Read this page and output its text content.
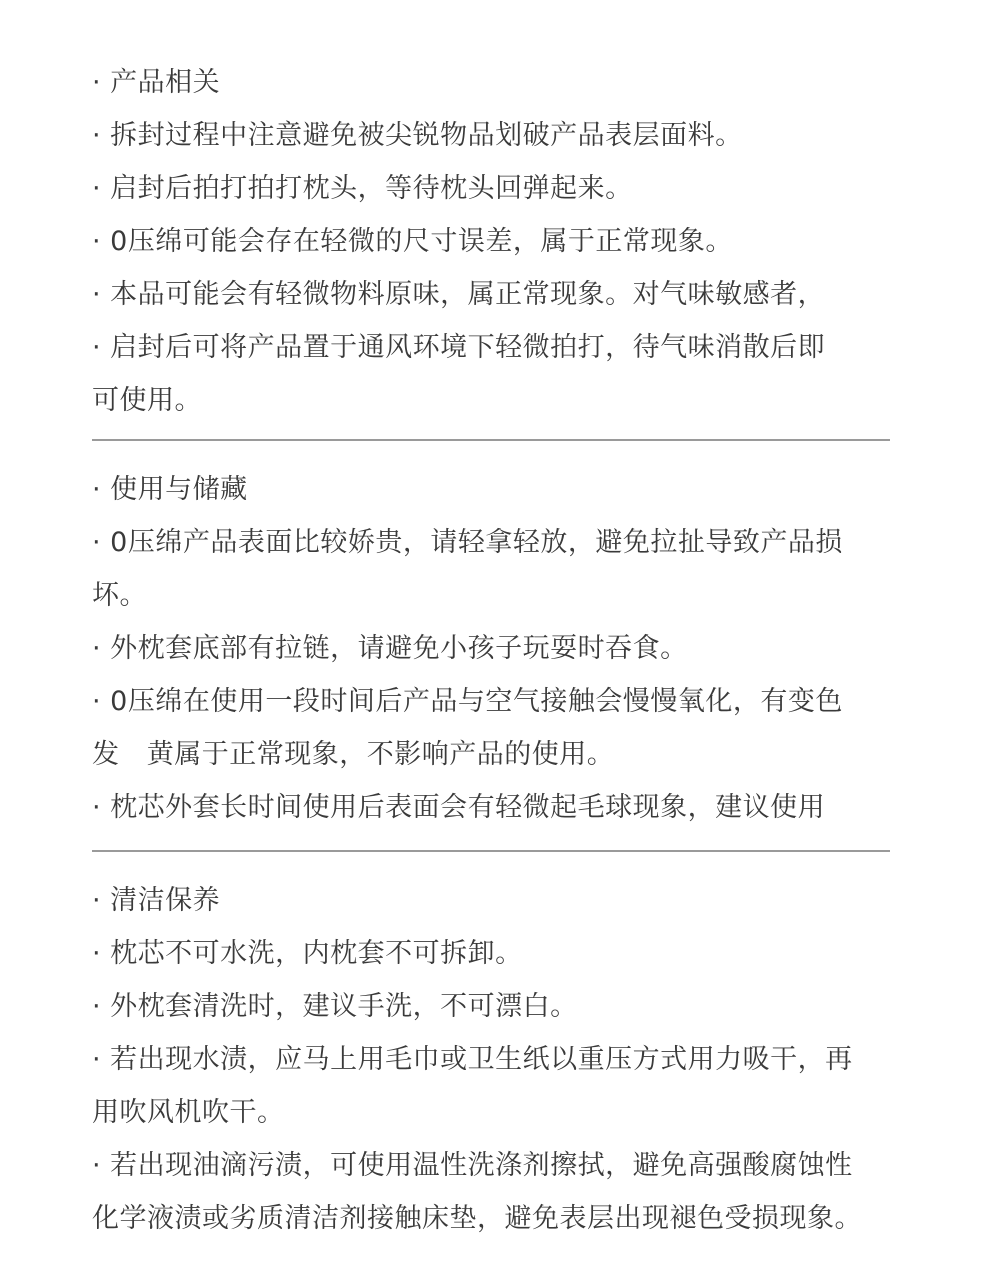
· 产品相关
· 拆封过程中注意避免被尖锐物品划破产品表层面料。
· 启封后拍打拍打枕头，等待枕头回弹起来。
· 0压绵可能会存在轻微的尺寸误差，属于正常现象。
· 本品可能会有轻微物料原味，属正常现象。对气味敏感者，
· 启封后可将产品置于通风环境下轻微拍打，待气味消散后即
可使用。
· 使用与储藏
· 0压绵产品表面比较娇贵，请轻拿轻放，避免拉扯导致产品损
坏。
· 外枕套底部有拉链，请避免小孩子玩耍时吞食。
· 0压绵在使用一段时间后产品与空气接触会慢慢氧化，有变色
发   黄属于正常现象，不影响产品的使用。
· 枕芯外套长时间使用后表面会有轻微起毛球现象，建议使用
· 清洁保养
· 枕芯不可水洗，内枕套不可拆卸。
· 外枕套清洗时，建议手洗，不可漂白。
· 若出现水渍，应马上用毛巾或卫生纸以重压方式用力吸干，再
用吹风机吹干。
· 若出现油滴污渍，可使用温性洗涤剂擦拭，避免高强酸腐蚀性
化学液渍或劣质清洁剂接触床垫，避免表层出现褪色受损现象。
